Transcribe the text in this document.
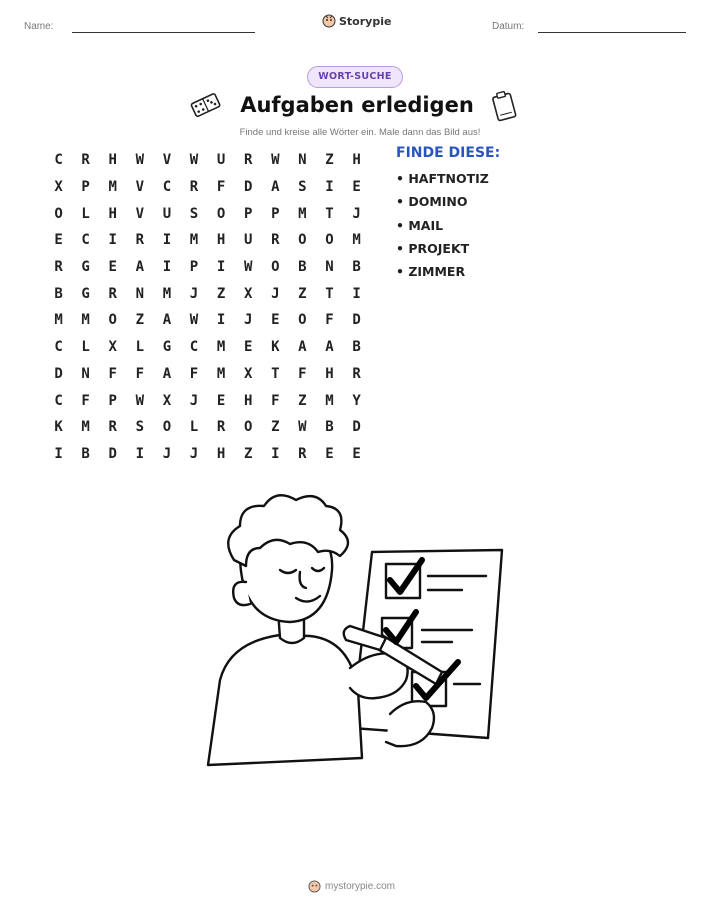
Name:	Storypie	Datum:
WORT-SUCHE
Aufgaben erledigen
Finde und kreise alle Wörter ein. Male dann das Bild aus!
C	R	H	W	V	W	U	R	W	N	Z	H
X	P	M	V	C	R	F	D	A	S	I	E
O	L	H	V	U	S	O	P	P	M	T	J
E	C	I	R	I	M	H	U	R	O	O	M
R	G	E	A	I	P	I	W	O	B	N	B
B	G	R	N	M	J	Z	X	J	Z	T	I
M	M	O	Z	A	W	I	J	E	O	F	D
C	L	X	L	G	C	M	E	K	A	A	B
D	N	F	F	A	F	M	X	T	F	H	R
C	F	P	W	X	J	E	H	F	Z	M	Y
K	M	R	S	O	L	R	O	Z	W	B	D
I	B	D	I	J	J	H	Z	I	R	E	E
FINDE DIESE:
• HAFTNOTIZ
• DOMINO
• MAIL
• PROJEKT
• ZIMMER
mystorypie.com
